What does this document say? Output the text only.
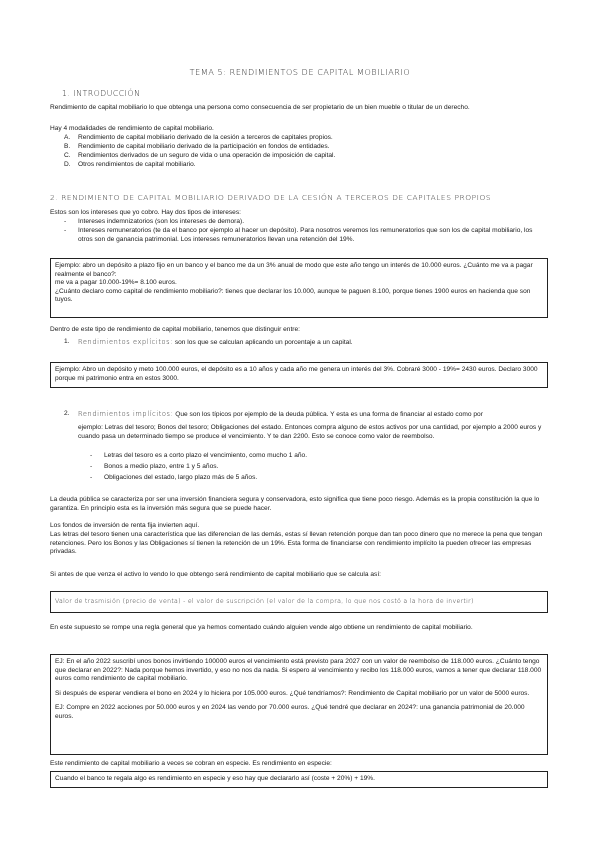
TEMA 5: RENDIMIENTOS DE CAPITAL MOBILIARIO
1. INTRODUCCIÓN

Rendimiento de capital mobiliario lo que obtenga una persona como consecuencia de ser propietario de un bien mueble o titular de un derecho.

Hay 4 modalidades de rendimiento de capital mobiliario.

A. Rendimiento de capital mobiliario derivado de la cesión a terceros de capitales propios.
B. Rendimiento de capital mobiliario derivado de la participación en fondos de entidades.
C. Rendimientos derivados de un seguro de vida o una operación de imposición de capital.
D. Otros rendimientos de capital mobiliario.
2. RENDIMIENTO DE CAPITAL MOBILIARIO DERIVADO DE LA CESIÓN A TERCEROS DE CAPITALES PROPIOS

Estos son los intereses que yo cobro. Hay dos tipos de intereses:

- Intereses indemnizatorios (son los intereses de demora).
- Intereses remuneratorios (te da el banco por ejemplo al hacer un depósito). Para nosotros veremos los remuneratorios que son los de capital mobiliario, los otros son de ganancia patrimonial. Los intereses remuneratorios llevan una retención del 19%.

Ejemplo: abro un depósito a plazo fijo en un banco y el banco me da un 3% anual de modo que este año tengo un interés de 10.000 euros. ¿Cuánto me va a pagar realmente el banco?:

me va a pagar 10.000-19%= 8.100 euros.

¿Cuánto declaro como capital de rendimiento mobiliario?: tienes que declarar los 10.000, aunque te paguen 8.100, porque tienes 1900 euros en hacienda que son tuyos.

Dentro de este tipo de rendimiento de capital mobiliario, tenemos que distinguir entre:

1. Rendimientos explícitos: son los que se calculan aplicando un porcentaje a un capital.

Ejemplo: Abro un depósito y meto 100.000 euros, el depósito es a 10 años y cada año me genera un interés del 3%. Cobraré 3000 - 19%= 2430 euros. Declaro 3000 porque mi patrimonio entra en estos 3000.

2. Rendimientos implícitos: Que son los típicos por ejemplo de la deuda pública. Y esta es una forma de financiar al estado como por
ejemplo: Letras del tesoro; Bonos del tesoro; Obligaciones del estado. Entonces compra alguno de estos activos por una cantidad, por ejemplo a 2000 euros y cuando pasa un determinado tiempo se produce el vencimiento. Y te dan 2200. Esto se conoce como valor de reembolso.
- Letras del tesoro es a corto plazo el vencimiento, como mucho 1 año.
- Bonos a medio plazo, entre 1 y 5 años.
- Obligaciones del estado, largo plazo más de 5 años.

La deuda pública se caracteriza por ser una inversión financiera segura y conservadora, esto significa que tiene poco riesgo. Además es la propia constitución la que lo garantiza. En principio esta es la inversión más segura que se puede hacer.

Los fondos de inversión de renta fija invierten aquí.

Las letras del tesoro tienen una característica que las diferencian de las demás, estas sí llevan retención porque dan tan poco dinero que no merece la pena que tengan retenciones. Pero los Bonos y las Obligaciones sí tienen la retención de un 19%. Esta forma de financiarse con rendimiento implícito la pueden ofrecer las empresas privadas.

Si antes de que venza el activo lo vendo lo que obtengo será rendimiento de capital mobiliario que se calcula así:

Valor de trasmisión (precio de venta) - el valor de suscripción (el valor de la compra, lo que nos costó a la hora de invertir)

En este supuesto se rompe una regla general que ya hemos comentado cuándo alguien vende algo obtiene un rendimiento de capital mobiliario.

EJ: En el año 2022 suscribí unos bonos invirtiendo 100000 euros el vencimiento está previsto para 2027 con un valor de reembolso de 118.000 euros. ¿Cuánto tengo que declarar en 2022?: Nada porque hemos invertido, y eso no nos da nada. Si espero al vencimiento y recibo los 118.000 euros, vamos a tener que declarar 118.000 euros como rendimiento de capital mobiliario.

Si después de esperar vendiera el bono en 2024 y lo hiciera por 105.000 euros. ¿Qué tendríamos?: Rendimiento de Capital mobiliario por un valor de 5000 euros.

EJ: Compre en 2022 acciones por 50.000 euros y en 2024 las vendo por 70.000 euros. ¿Qué tendré que declarar en 2024?: una ganancia patrimonial de 20.000 euros.

Este rendimiento de capital mobiliario a veces se cobran en especie. Es rendimiento en especie:

Cuando el banco te regala algo es rendimiento en especie y eso hay que declararlo así (coste + 20%) + 19%.
